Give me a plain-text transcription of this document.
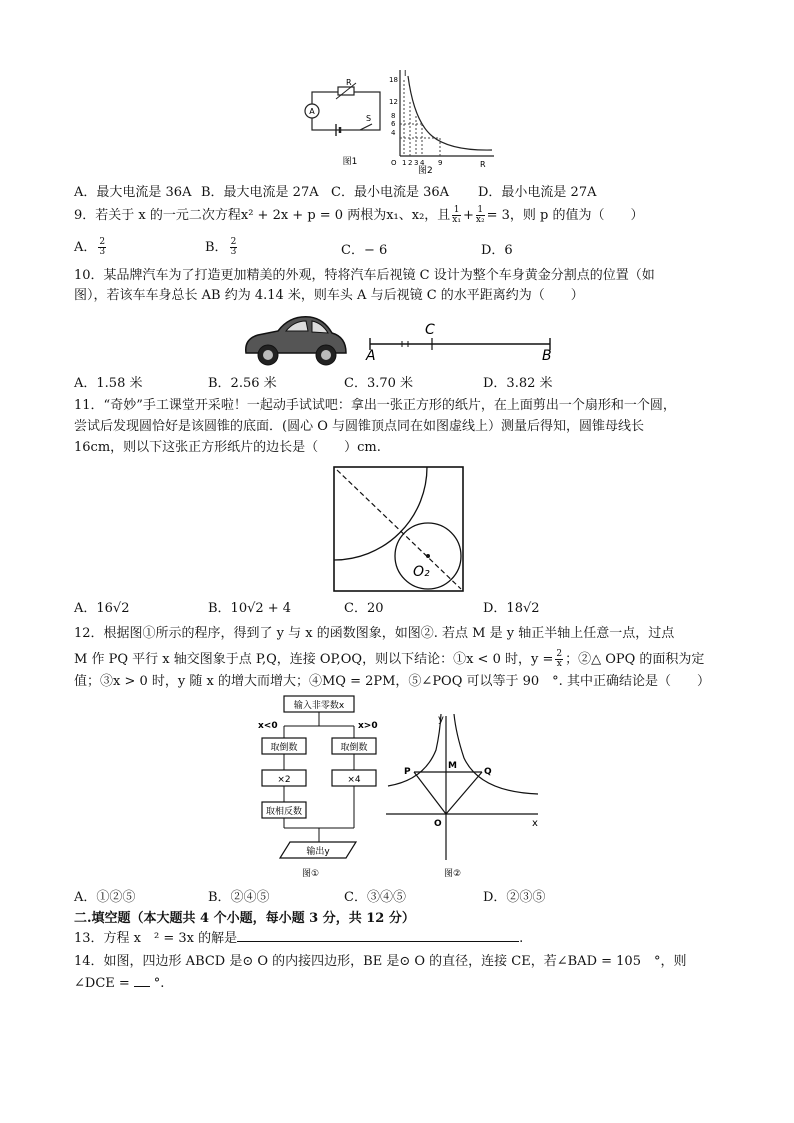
A
R
S
图1	R
I
18
12
8
6
4
O 1 2 3 4 9
图2
A．最大电流是 36A B．最大电流是 27A C．最小电流是 36A D．最小电流是 27A
9．若关于 x 的一元二次方程x² + 2x + p = 0 两根为x₁、x₂，且 $\frac{1}{\text{x₁}} + \frac{1}{\text{x₂}} = 3$，则 p 的值为（　　）
A． $\frac{2}{3}$	B． $\frac{2}{3}$	C．− 6	D．6
10．某品牌汽车为了打造更加精美的外观，特将汽车后视镜 C 设计为整个车身黄金分割点的位置（如
图），若该车车身总长 AB 约为 4.14 米，则车头 A 与后视镜 C 的水平距离约为（　　）
A	B
C
A．1.58 米	B．2.56 米	C．3.70 米	D．3.82 米
11．“奇妙”手工课堂开采啦！一起动手试试吧：拿出一张正方形的纸片，在上面剪出一个扇形和一个圆，
尝试后发现圆恰好是该圆锥的底面．(圆心 O 与圆锥顶点同在如图虚线上）测量后得知，圆锥母线长
16cm，则以下这张正方形纸片的边长是（　　）cm.
O₂
A．16√2	B．10√2 + 4	C．20	D．18√2
12．根据图①所示的程序，得到了 y 与 x 的函数图象，如图②. 若点 M 是 y 轴正半轴上任意一点，过点
M 作 PQ 平行 x 轴交图象于点 P,Q，连接 OP,OQ，则以下结论：①x < 0 时，$y = \frac{2}{x}$ ；②△ OPQ 的面积为定
值；③x > 0 时，y 随 x 的增大而增大；④MQ = 2PM，⑤∠POQ 可以等于 90　°. 其中正确结论是（　　）
输入非零数x
x<0	x>0
取倒数	取倒数
×2	×4
取相反数
输出y
图①
y
x
O
P
M
Q
图②
A．①②⑤	B．②④⑤	C．③④⑤	D．②③⑤
二.填空题（本大题共 4 个小题，每小题 3 分，共 12 分）
13．方程 x　² = 3x 的解是	.
14．如图，四边形 ABCD 是⊙ O 的内接四边形，BE 是⊙ O 的直径，连接 CE，若∠BAD = 105　°，则
∠DCE = °.
